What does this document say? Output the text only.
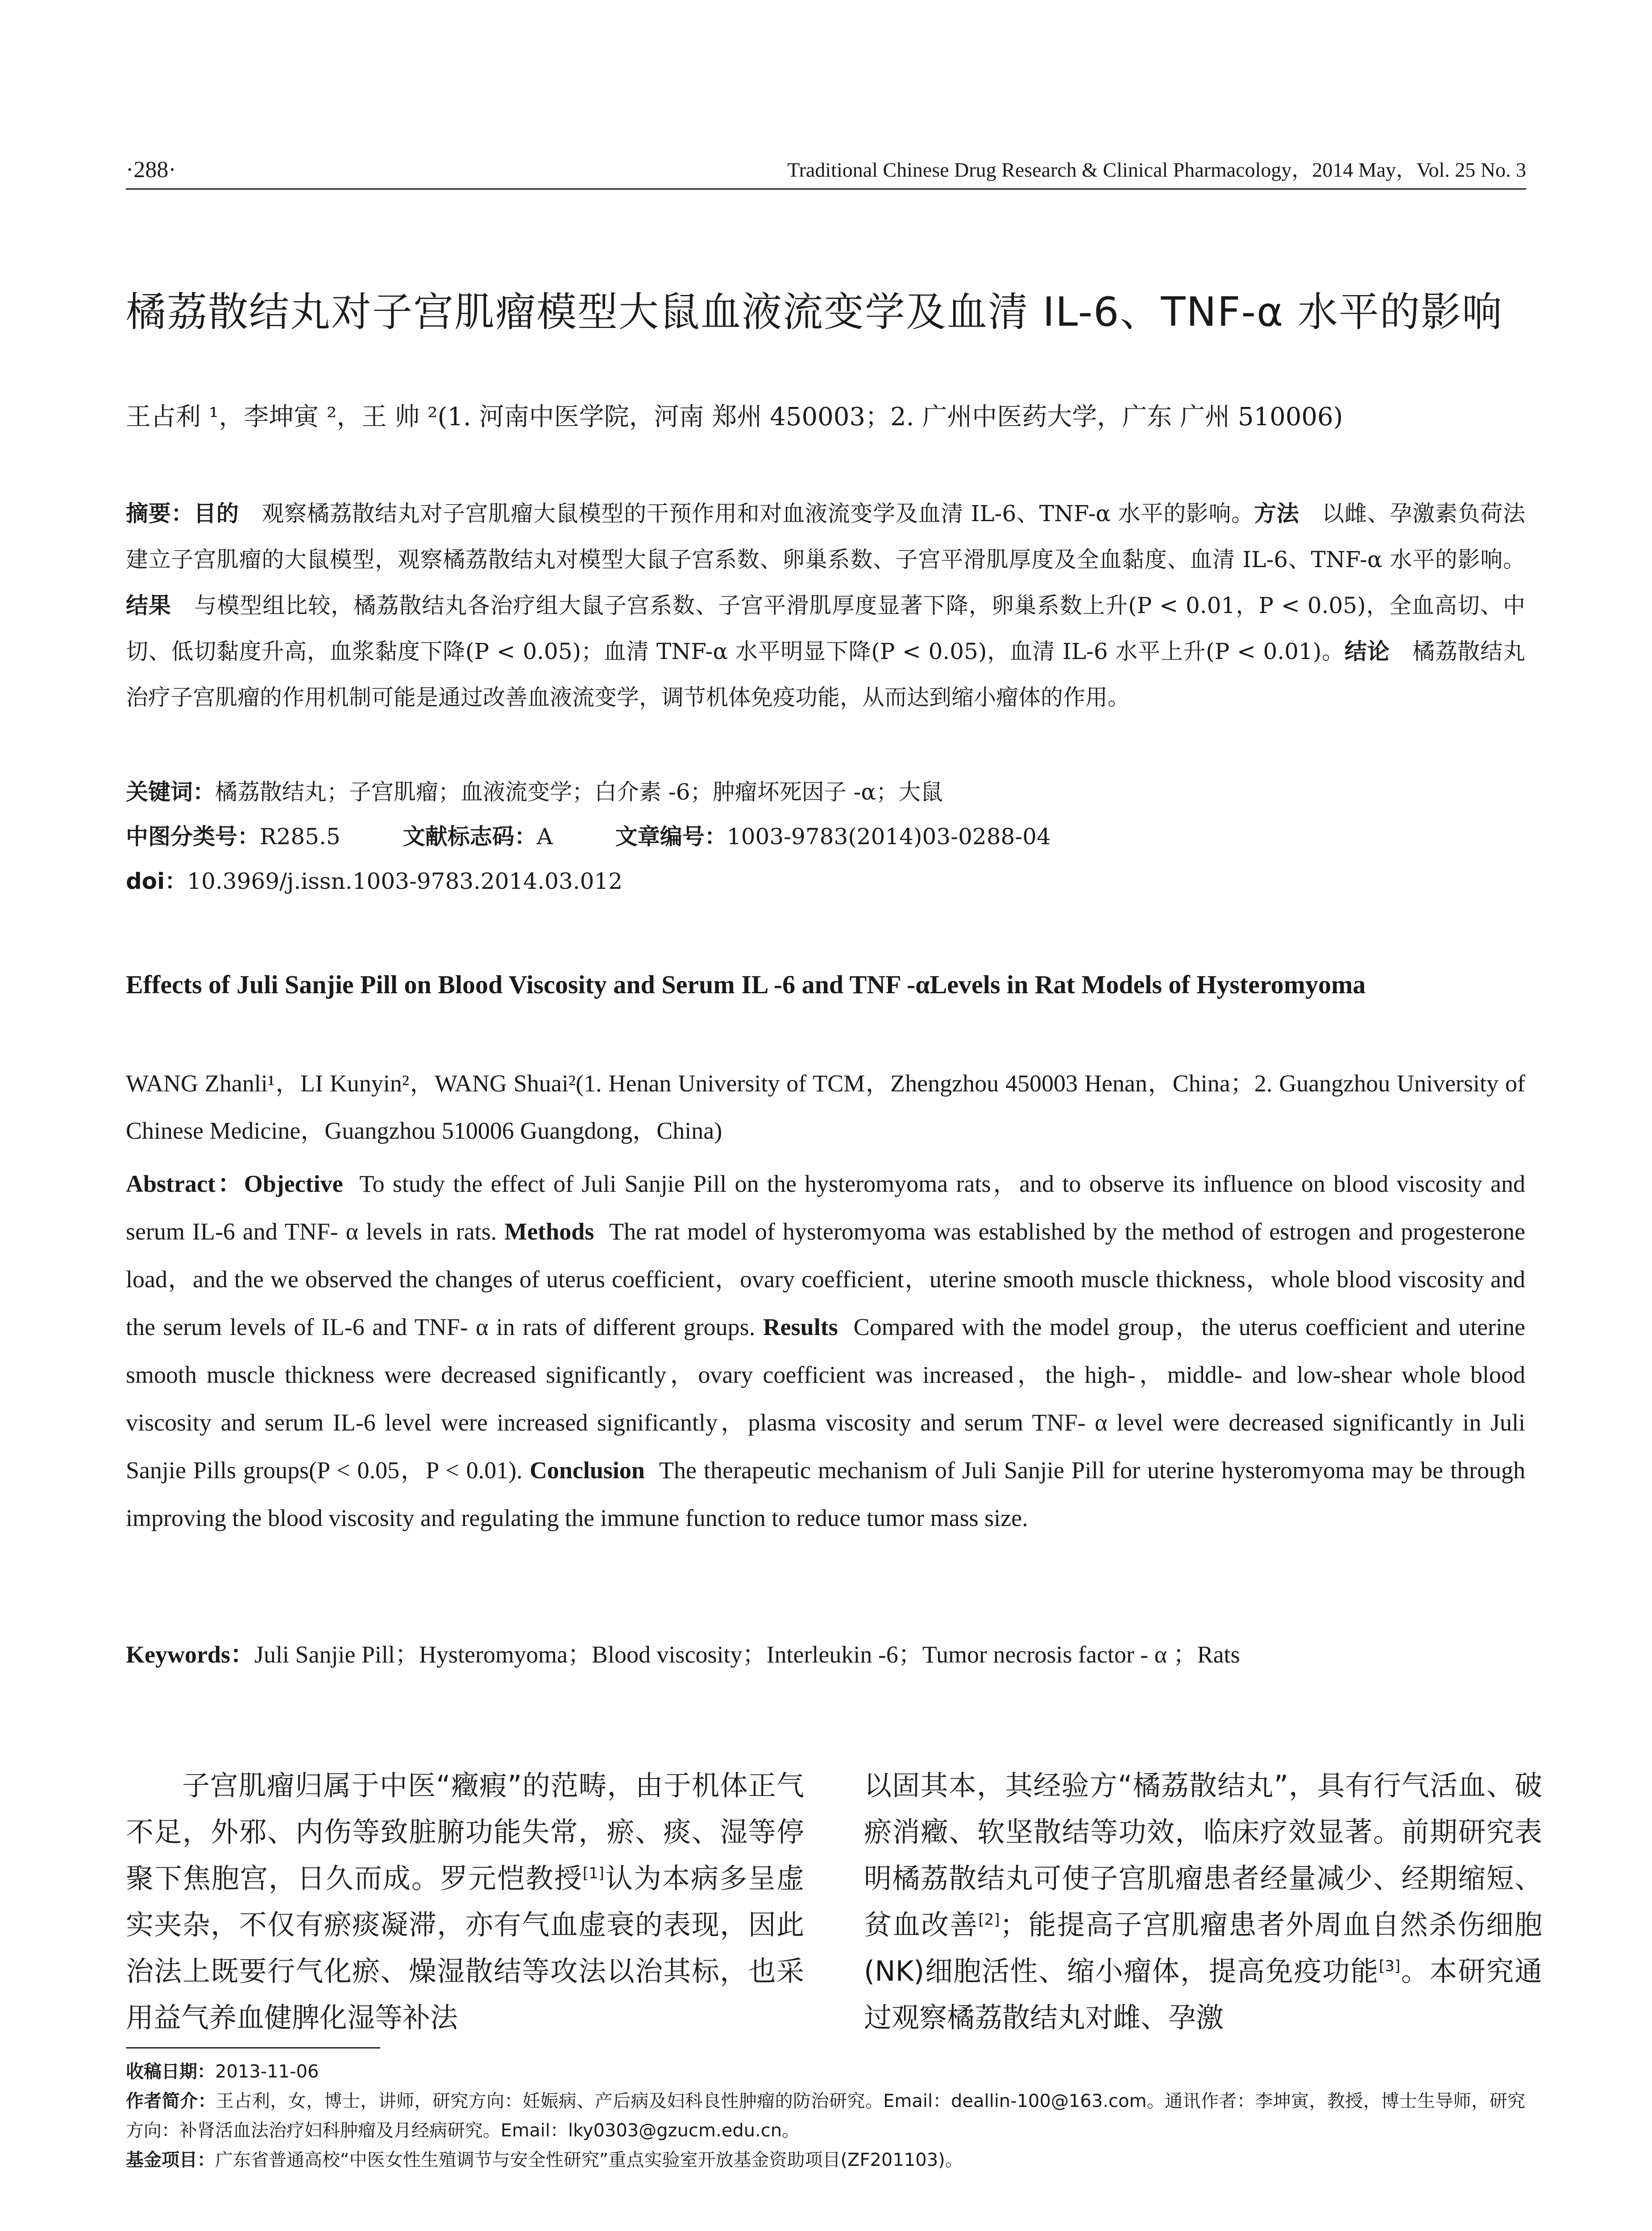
·288·	Traditional Chinese Drug Research & Clinical Pharmacology，2014 May，Vol. 25 No. 3
橘荔散结丸对子宫肌瘤模型大鼠血液流变学及血清 IL-6、TNF-α 水平的影响
王占利 ¹，李坤寅 ²，王 帅 ²(1. 河南中医学院，河南 郑州 450003；2. 广州中医药大学，广东 广州 510006)
摘要：目的　 观察橘荔散结丸对子宫肌瘤大鼠模型的干预作用和对血液流变学及血清 IL-6、TNF-α 水平的影响。方法　 以雌、孕激素负荷法建立子宫肌瘤的大鼠模型，观察橘荔散结丸对模型大鼠子宫系数、卵巢系数、子宫平滑肌厚度及全血黏度、血清 IL-6、TNF-α 水平的影响。结果　 与模型组比较，橘荔散结丸各治疗组大鼠子宫系数、子宫平滑肌厚度显著下降，卵巢系数上升(P < 0.01，P < 0.05)，全血高切、中切、低切黏度升高，血浆黏度下降(P < 0.05)；血清 TNF-α 水平明显下降(P < 0.05)，血清 IL-6 水平上升(P < 0.01)。结论　 橘荔散结丸治疗子宫肌瘤的作用机制可能是通过改善血液流变学，调节机体免疫功能，从而达到缩小瘤体的作用。
关键词：橘荔散结丸；子宫肌瘤；血液流变学；白介素 -6；肿瘤坏死因子 -α；大鼠
中图分类号：R285.5	文献标志码：A	文章编号：1003-9783(2014)03-0288-04
doi：10.3969/j.issn.1003-9783.2014.03.012
Effects of Juli Sanjie Pill on Blood Viscosity and Serum IL -6 and TNF -αLevels in Rat Models of Hysteromyoma
WANG Zhanli¹，LI Kunyin²，WANG Shuai²(1. Henan University of TCM，Zhengzhou 450003 Henan，China；2. Guangzhou University of Chinese Medicine，Guangzhou 510006 Guangdong，China)
Abstract：Objective To study the effect of Juli Sanjie Pill on the hysteromyoma rats，and to observe its influence on blood viscosity and serum IL-6 and TNF- α levels in rats. Methods The rat model of hysteromyoma was established by the method of estrogen and progesterone load，and the we observed the changes of uterus coefficient，ovary coefficient，uterine smooth muscle thickness，whole blood viscosity and the serum levels of IL-6 and TNF- α in rats of different groups. Results Compared with the model group，the uterus coefficient and uterine smooth muscle thickness were decreased significantly，ovary coefficient was increased，the high-，middle- and low-shear whole blood viscosity and serum IL-6 level were increased significantly，plasma viscosity and serum TNF- α level were decreased significantly in Juli Sanjie Pills groups(P < 0.05，P < 0.01). Conclusion The therapeutic mechanism of Juli Sanjie Pill for uterine hysteromyoma may be through improving the blood viscosity and regulating the immune function to reduce tumor mass size.
Keywords：Juli Sanjie Pill；Hysteromyoma；Blood viscosity；Interleukin -6；Tumor necrosis factor - α ；Rats
子宫肌瘤归属于中医“癥瘕”的范畴，由于机体正气不足，外邪、内伤等致脏腑功能失常，瘀、痰、湿等停聚下焦胞宫，日久而成。罗元恺教授[1]认为本病多呈虚实夹杂，不仅有瘀痰凝滞，亦有气血虚衰的表现，因此治法上既要行气化瘀、燥湿散结等攻法以治其标，也采用益气养血健脾化湿等补法
以固其本，其经验方“橘荔散结丸”，具有行气活血、破瘀消癥、软坚散结等功效，临床疗效显著。前期研究表明橘荔散结丸可使子宫肌瘤患者经量减少、经期缩短、贫血改善[2]；能提高子宫肌瘤患者外周血自然杀伤细胞(NK)细胞活性、缩小瘤体，提高免疫功能[3]。本研究通过观察橘荔散结丸对雌、孕激

收稿日期：2013-11-06

作者简介：王占利，女，博士，讲师，研究方向：妊娠病、产后病及妇科良性肿瘤的防治研究。Email：deallin-100@163.com。通讯作者：李坤寅，教授，博士生导师，研究方向：补肾活血法治疗妇科肿瘤及月经病研究。Email：lky0303@gzucm.edu.cn。

基金项目：广东省普通高校“中医女性生殖调节与安全性研究”重点实验室开放基金资助项目(ZF201103)。
